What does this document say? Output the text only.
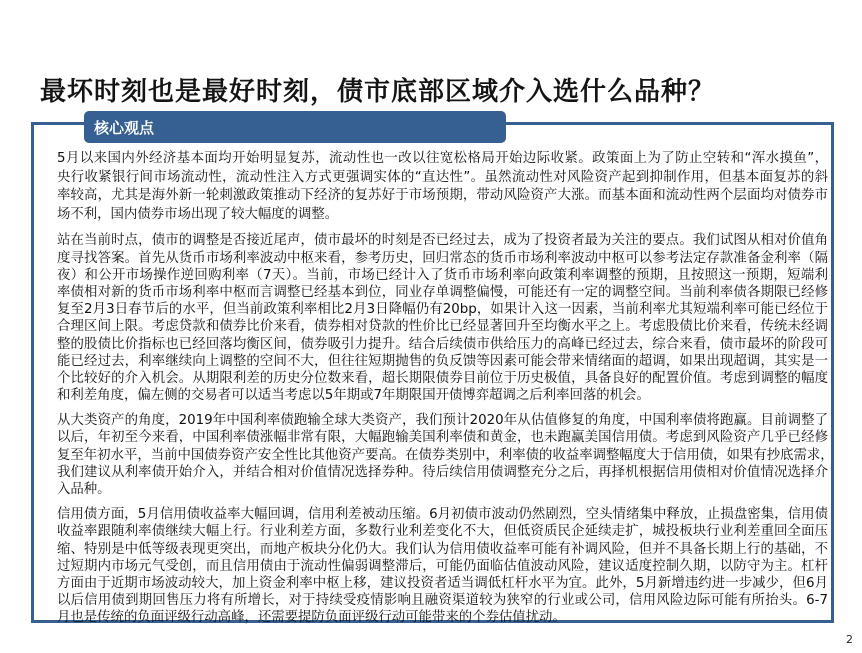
最坏时刻也是最好时刻，债市底部区域介入选什么品种？
核心观点
5月以来国内外经济基本面均开始明显复苏，流动性也一改以往宽松格局开始边际收紧。政策面上为了防止空转和“浑水摸鱼”，
央行收紧银行间市场流动性，流动性注入方式更强调实体的“直达性”。虽然流动性对风险资产起到抑制作用，但基本面复苏的斜
率较高，尤其是海外新一轮刺激政策推动下经济的复苏好于市场预期，带动风险资产大涨。而基本面和流动性两个层面均对债券市
场不利，国内债券市场出现了较大幅度的调整。
站在当前时点，债市的调整是否接近尾声，债市最坏的时刻是否已经过去，成为了投资者最为关注的要点。我们试图从相对价值角
度寻找答案。首先从货币市场利率波动中枢来看，参考历史，回归常态的货币市场利率波动中枢可以参考法定存款准备金利率（隔
夜）和公开市场操作逆回购利率（7天）。当前，市场已经计入了货币市场利率向政策利率调整的预期，且按照这一预期，短端利
率债相对新的货币市场利率中枢而言调整已经基本到位，同业存单调整偏慢，可能还有一定的调整空间。当前利率债各期限已经修
复至2月3日春节后的水平，但当前政策利率相比2月3日降幅仍有20bp，如果计入这一因素，当前利率尤其短端利率可能已经位于
合理区间上限。考虑贷款和债券比价来看，债券相对贷款的性价比已经显著回升至均衡水平之上。考虑股债比价来看，传统未经调
整的股债比价指标也已经回落均衡区间，债券吸引力提升。结合后续债市供给压力的高峰已经过去，综合来看，债市最坏的阶段可
能已经过去，利率继续向上调整的空间不大，但往往短期抛售的负反馈等因素可能会带来情绪面的超调，如果出现超调，其实是一
个比较好的介入机会。从期限利差的历史分位数来看，超长期限债券目前位于历史极值，具备良好的配置价值。考虑到调整的幅度
和利差角度，偏左侧的交易者可以适当考虑以5年期或7年期限国开债博弈超调之后利率回落的机会。
从大类资产的角度，2019年中国利率债跑输全球大类资产，我们预计2020年从估值修复的角度，中国利率债将跑赢。目前调整了
以后，年初至今来看，中国利率债涨幅非常有限，大幅跑输美国利率债和黄金，也未跑赢美国信用债。考虑到风险资产几乎已经修
复至年初水平，当前中国债券资产安全性比其他资产要高。在债券类别中，利率债的收益率调整幅度大于信用债，如果有抄底需求，
我们建议从利率债开始介入，并结合相对价值情况选择券种。待后续信用债调整充分之后，再择机根据信用债相对价值情况选择介
入品种。
信用债方面，5月信用债收益率大幅回调，信用利差被动压缩。6月初债市波动仍然剧烈，空头情绪集中释放，止损盘密集，信用债
收益率跟随利率债继续大幅上行。行业利差方面，多数行业利差变化不大，但低资质民企延续走扩，城投板块行业利差重回全面压
缩、特别是中低等级表现更突出，而地产板块分化仍大。我们认为信用债收益率可能有补调风险，但并不具备长期上行的基础，不
过短期内市场元气受创，而且信用债由于流动性偏弱调整滞后，可能仍面临估值波动风险，建议适度控制久期，以防守为主。杠杆
方面由于近期市场波动较大，加上资金利率中枢上移，建议投资者适当调低杠杆水平为宜。此外，5月新增违约进一步减少，但6月
以后信用债到期回售压力将有所增长，对于持续受疫情影响且融资渠道较为狭窄的行业或公司，信用风险边际可能有所抬头。6-7
月也是传统的负面评级行动高峰，还需要提防负面评级行动可能带来的个券估值扰动。
2
